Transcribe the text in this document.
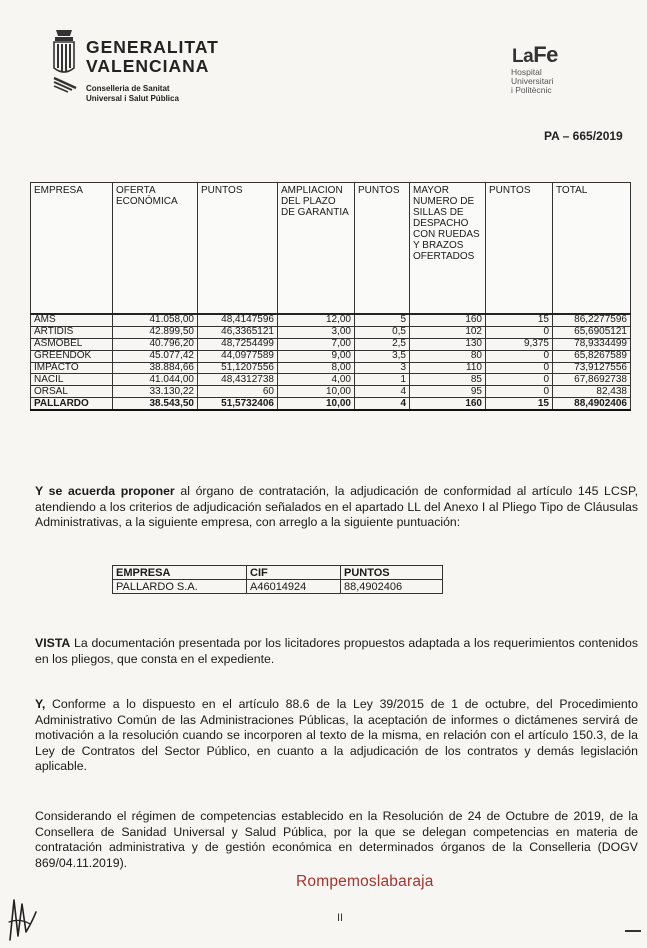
GENERALITAT
VALENCIANA
Conselleria de Sanitat
Universal i Salut Pública
LaFe
Hospital
Universitari
i Politècnic
PA – 665/2019
EMPRESA	OFERTA ECONÓMICA	PUNTOS	AMPLIACION DEL PLAZO DE GARANTIA	PUNTOS	MAYOR NUMERO DE SILLAS DE DESPACHO CON RUEDAS Y BRAZOS OFERTADOS	PUNTOS	TOTAL
AMS	41.058,00	48,4147596	12,00	5	160	15	86,2277596
ARTIDIS	42.899,50	46,3365121	3,00	0,5	102	0	65,6905121
ASMOBEL	40.796,20	48,7254499	7,00	2,5	130	9,375	78,9334499
GREENDOK	45.077,42	44,0977589	9,00	3,5	80	0	65,8267589
IMPACTO	38.884,66	51,1207556	8,00	3	110	0	73,9127556
NACIL	41.044,00	48,4312738	4,00	1	85	0	67,8692738
ORSAL	33.130,22	60	10,00	4	95	0	82,438
PALLARDO	38.543,50	51,5732406	10,00	4	160	15	88,4902406

Y se acuerda proponer al órgano de contratación, la adjudicación de conformidad al artículo 145 LCSP, atendiendo a los criterios de adjudicación señalados en el apartado LL del Anexo I al Pliego Tipo de Cláusulas Administrativas, a la siguiente empresa, con arreglo a la siguiente puntuación:

EMPRESA	CIF	PUNTOS
PALLARDO S.A.	A46014924	88,4902406

VISTA La documentación presentada por los licitadores propuestos adaptada a los requerimientos contenidos en los pliegos, que consta en el expediente.

Y, Conforme a lo dispuesto en el artículo 88.6 de la Ley 39/2015 de 1 de octubre, del Procedimiento Administrativo Común de las Administraciones Públicas, la aceptación de informes o dictámenes servirá de motivación a la resolución cuando se incorporen al texto de la misma, en relación con el artículo 150.3, de la Ley de Contratos del Sector Público, en cuanto a la adjudicación de los contratos y demás legislación aplicable.

Considerando el régimen de competencias establecido en la Resolución de 24 de Octubre de 2019, de la Consellera de Sanidad Universal y Salud Pública, por la que se delegan competencias en materia de contratación administrativa y de gestión económica en determinados órganos de la Conselleria (DOGV 869/04.11.2019).

Rompemoslabaraja
II
